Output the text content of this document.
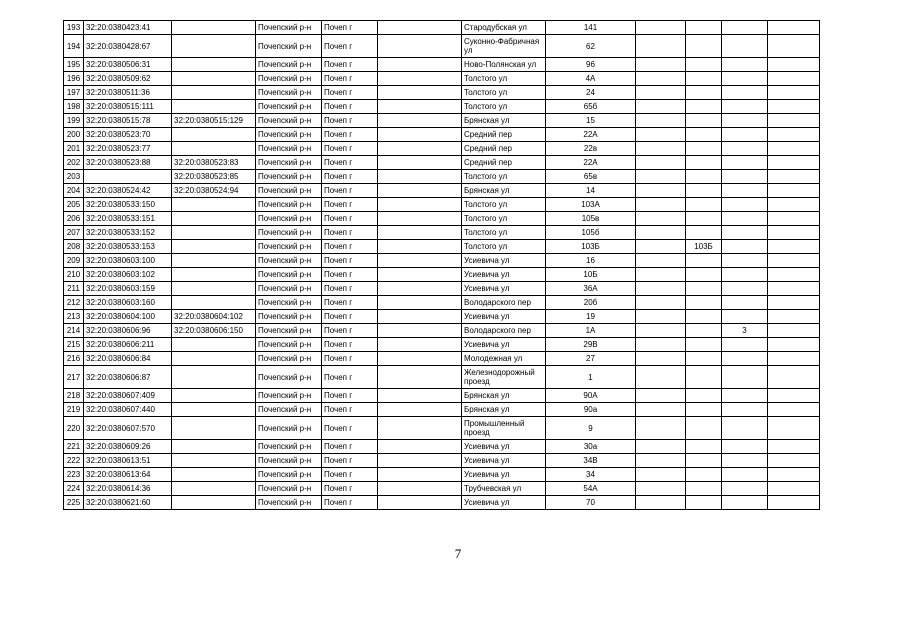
193	32:20:0380423:41		Почепский р-н	Почеп г		Стародубская ул	141				
194	32:20:0380428:67		Почепский р-н	Почеп г		Суконно-Фабричная ул	62				
195	32:20:0380506:31		Почепский р-н	Почеп г		Ново-Полянская ул	96				
196	32:20:0380509:62		Почепский р-н	Почеп г		Толстого ул	4А				
197	32:20:0380511:36		Почепский р-н	Почеп г		Толстого ул	24				
198	32:20:0380515:111		Почепский р-н	Почеп г		Толстого ул	65б				
199	32:20:0380515:78	32:20:0380515:129	Почепский р-н	Почеп г		Брянская ул	15				
200	32:20:0380523:70		Почепский р-н	Почеп г		Средний пер	22А				
201	32:20:0380523:77		Почепский р-н	Почеп г		Средний пер	22в				
202	32:20:0380523:88	32:20:0380523:83	Почепский р-н	Почеп г		Средний пер	22А				
203		32:20:0380523:85	Почепский р-н	Почеп г		Толстого ул	65в				
204	32:20:0380524:42	32:20:0380524:94	Почепский р-н	Почеп г		Брянская ул	14				
205	32:20:0380533:150		Почепский р-н	Почеп г		Толстого ул	103А				
206	32:20:0380533:151		Почепский р-н	Почеп г		Толстого ул	105в				
207	32:20:0380533:152		Почепский р-н	Почеп г		Толстого ул	105б				
208	32:20:0380533:153		Почепский р-н	Почеп г		Толстого ул	103Б		103Б		
209	32:20:0380603:100		Почепский р-н	Почеп г		Усиевича ул	16				
210	32:20:0380603:102		Почепский р-н	Почеп г		Усиевича ул	10Б				
211	32:20:0380603:159		Почепский р-н	Почеп г		Усиевича ул	36А				
212	32:20:0380603:160		Почепский р-н	Почеп г		Володарского пер	20б				
213	32:20:0380604:100	32:20:0380604:102	Почепский р-н	Почеп г		Усиевича ул	19				
214	32:20:0380606:96	32:20:0380606:150	Почепский р-н	Почеп г		Володарского пер	1А			3	
215	32:20:0380606:211		Почепский р-н	Почеп г		Усиевича ул	29В				
216	32:20:0380606:84		Почепский р-н	Почеп г		Молодежная ул	27				
217	32:20:0380606:87		Почепский р-н	Почеп г		Железнодорожный проезд	1				
218	32:20:0380607:409		Почепский р-н	Почеп г		Брянская ул	90А				
219	32:20:0380607:440		Почепский р-н	Почеп г		Брянская ул	90а				
220	32:20:0380607:570		Почепский р-н	Почеп г		Промышленный проезд	9				
221	32:20:0380609:26		Почепский р-н	Почеп г		Усиевича ул	30а				
222	32:20:0380613:51		Почепский р-н	Почеп г		Усиевича ул	34В				
223	32:20:0380613:64		Почепский р-н	Почеп г		Усиевича ул	34				
224	32:20:0380614:36		Почепский р-н	Почеп г		Трубчевская ул	54А				
225	32:20:0380621:60		Почепский р-н	Почеп г		Усиевича ул	70				
7
